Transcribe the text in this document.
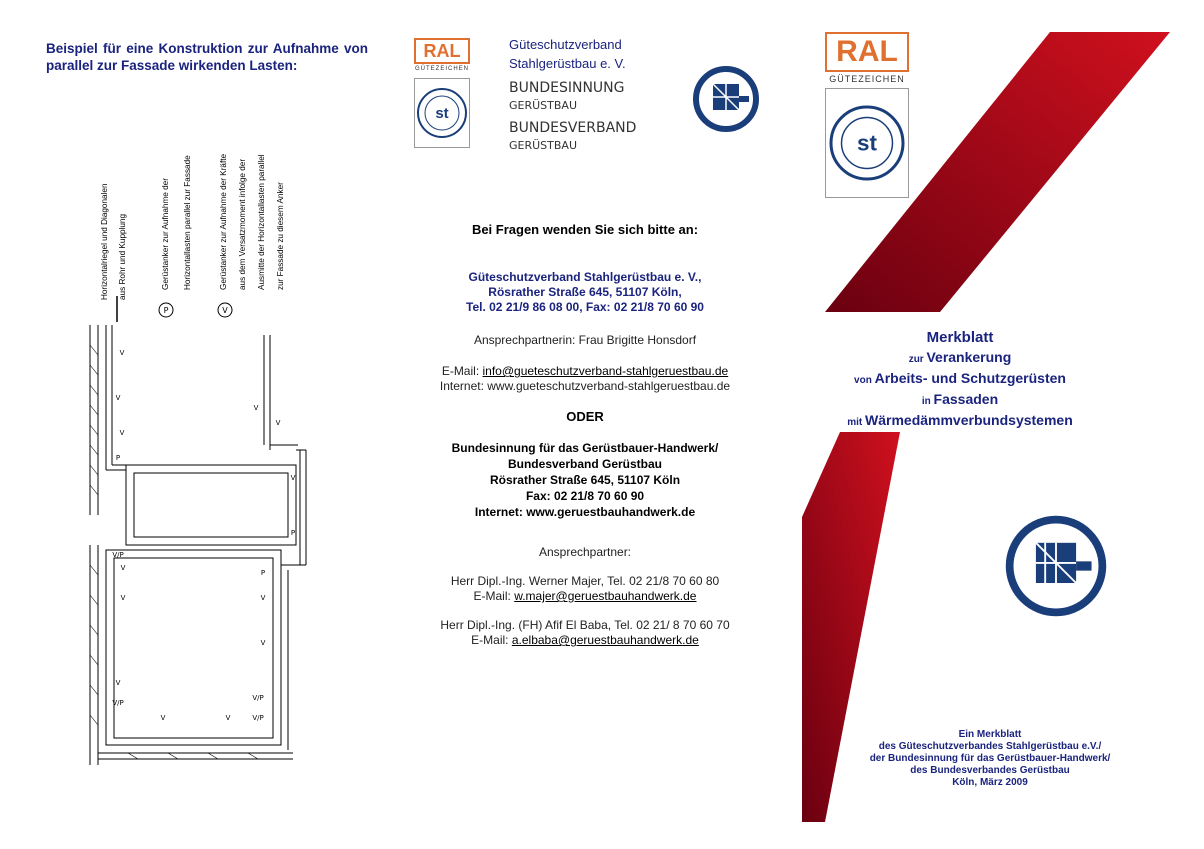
Beispiel für eine Konstruktion zur Aufnahme von parallel zur Fassade wirkenden Lasten:
Horizontalriegel und Diagonalen	aus Rohr und Kupplung	Gerüstanker zur Aufnahme der	Horizontallasten parallel zur Fassade	Gerüstanker zur Aufnahme der Kräfte	aus dem Versatzmoment infolge der	Ausmitte der Horizontallasten parallel	zur Fassade zu diesem Anker
P	V
V
V
V
P
V
V
V
P
V/P
V
P
V	V
V
V
V/P
V
V/P
V/P
V
RAL
GÜTEZEICHEN
st
Güteschutzverband
Stahlgerüstbau e. V.
BUNDESINNUNG
GERÜSTBAU
BUNDESVERBAND
GERÜSTBAU
Bei Fragen wenden Sie sich bitte an:
Güteschutzverband Stahlgerüstbau e. V.,
Rösrather Straße 645, 51107 Köln,
Tel. 02 21/9 86 08 00, Fax: 02 21/8 70 60 90
Ansprechpartnerin: Frau Brigitte Honsdorf
E-Mail: info@gueteschutzverband-stahlgeruestbau.de
Internet: www.gueteschutzverband-stahlgeruestbau.de
ODER
Bundesinnung für das Gerüstbauer-Handwerk/
Bundesverband Gerüstbau
Rösrather Straße 645, 51107 Köln
Fax: 02 21/8 70 60 90
Internet: www.geruestbauhandwerk.de
Ansprechpartner:
Herr Dipl.-Ing. Werner Majer, Tel. 02 21/8 70 60 80
E-Mail: w.majer@geruestbauhandwerk.de
Herr Dipl.-Ing. (FH) Afif El Baba, Tel. 02 21/ 8 70 60 70
E-Mail: a.elbaba@geruestbauhandwerk.de
RAL
GÜTEZEICHEN
st
Merkblatt
zur Verankerung
von Arbeits- und Schutzgerüsten
in Fassaden
mit Wärmedämmverbundsystemen
Ein Merkblatt
des Güteschutzverbandes Stahlgerüstbau e.V./
der Bundesinnung für das Gerüstbauer-Handwerk/
des Bundesverbandes Gerüstbau
Köln, März 2009
